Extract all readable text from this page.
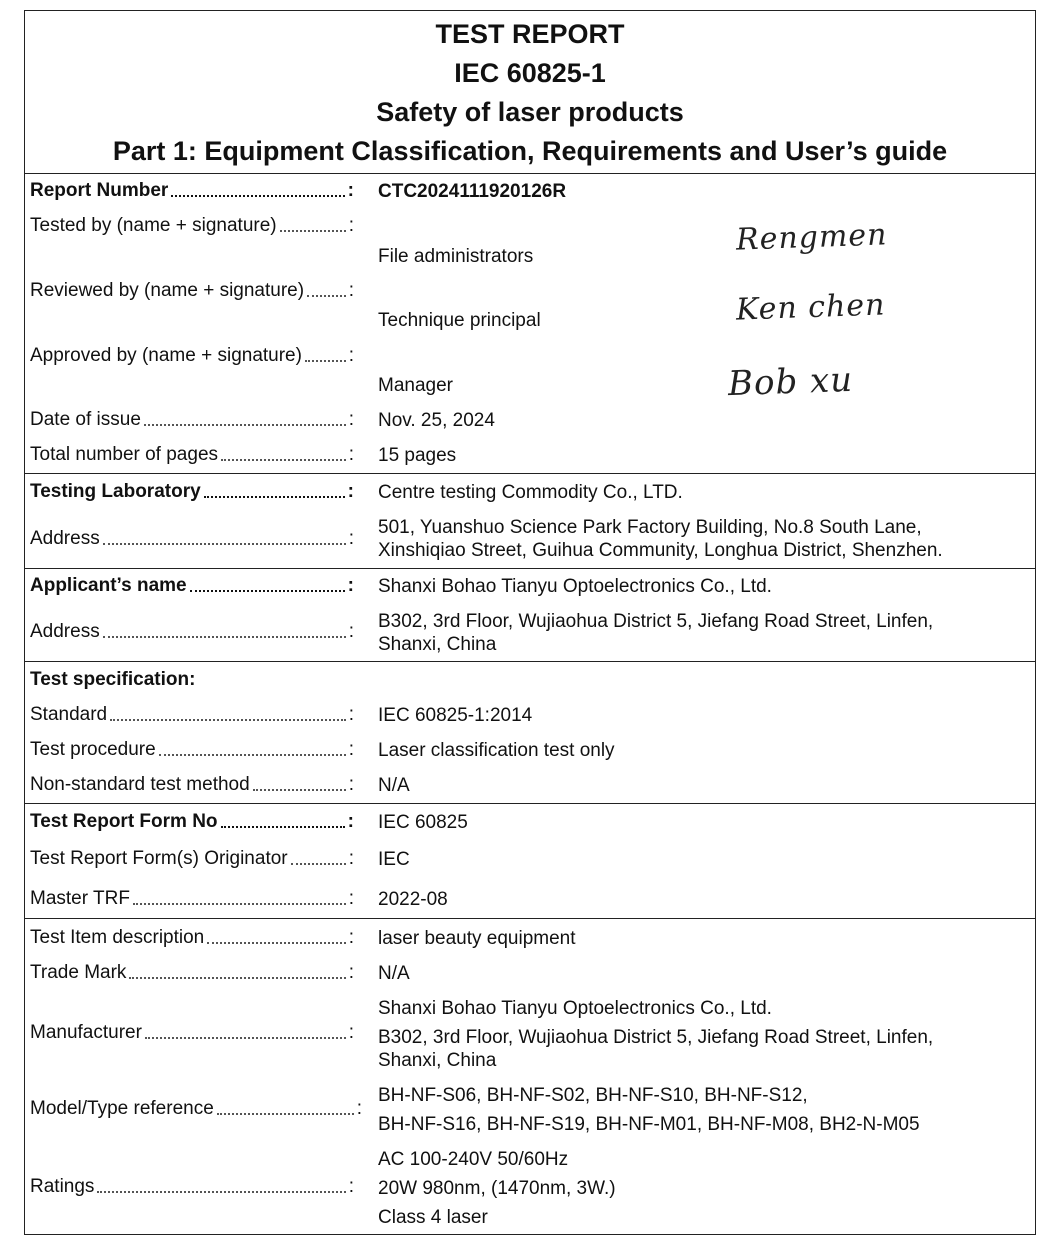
TEST REPORT
IEC 60825-1
Safety of laser products
Part 1: Equipment Classification, Requirements and User’s guide
Report Number	: CTC2024111920126R
Tested by (name + signature)	:
File administrators	Rengmen
Reviewed by (name + signature) :
Technique principal	Ken chen
Approved by (name + signature) :
Manager	Bob xu
Date of issue	: Nov. 25, 2024
Total number of pages	: 15 pages
Testing Laboratory	: Centre testing Commodity Co., LTD.
Address	:
501, Yuanshuo Science Park Factory Building, No.8 South Lane,
Xinshiqiao Street, Guihua Community, Longhua District, Shenzhen.
Applicant’s name	: Shanxi Bohao Tianyu Optoelectronics Co., Ltd.
Address	: B302, 3rd Floor, Wujiaohua District 5, Jiefang Road Street, Linfen,
Shanxi, China
Test specification:
Standard	: IEC 60825-1:2014
Test procedure	: Laser classification test only
Non-standard test method	: N/A
Test Report Form No	: IEC 60825
Test Report Form(s) Originator	: IEC
Master TRF	: 2022-08
Test Item description	: laser beauty equipment
Trade Mark	: N/A
Manufacturer	:
Shanxi Bohao Tianyu Optoelectronics Co., Ltd.
B302, 3rd Floor, Wujiaohua District 5, Jiefang Road Street, Linfen,
Shanxi, China
Model/Type reference	:
BH-NF-S06, BH-NF-S02, BH-NF-S10, BH-NF-S12,
BH-NF-S16, BH-NF-S19, BH-NF-M01, BH-NF-M08, BH2-N-M05
Ratings	:
AC 100-240V 50/60Hz
20W 980nm, (1470nm, 3W.)
Class 4 laser
